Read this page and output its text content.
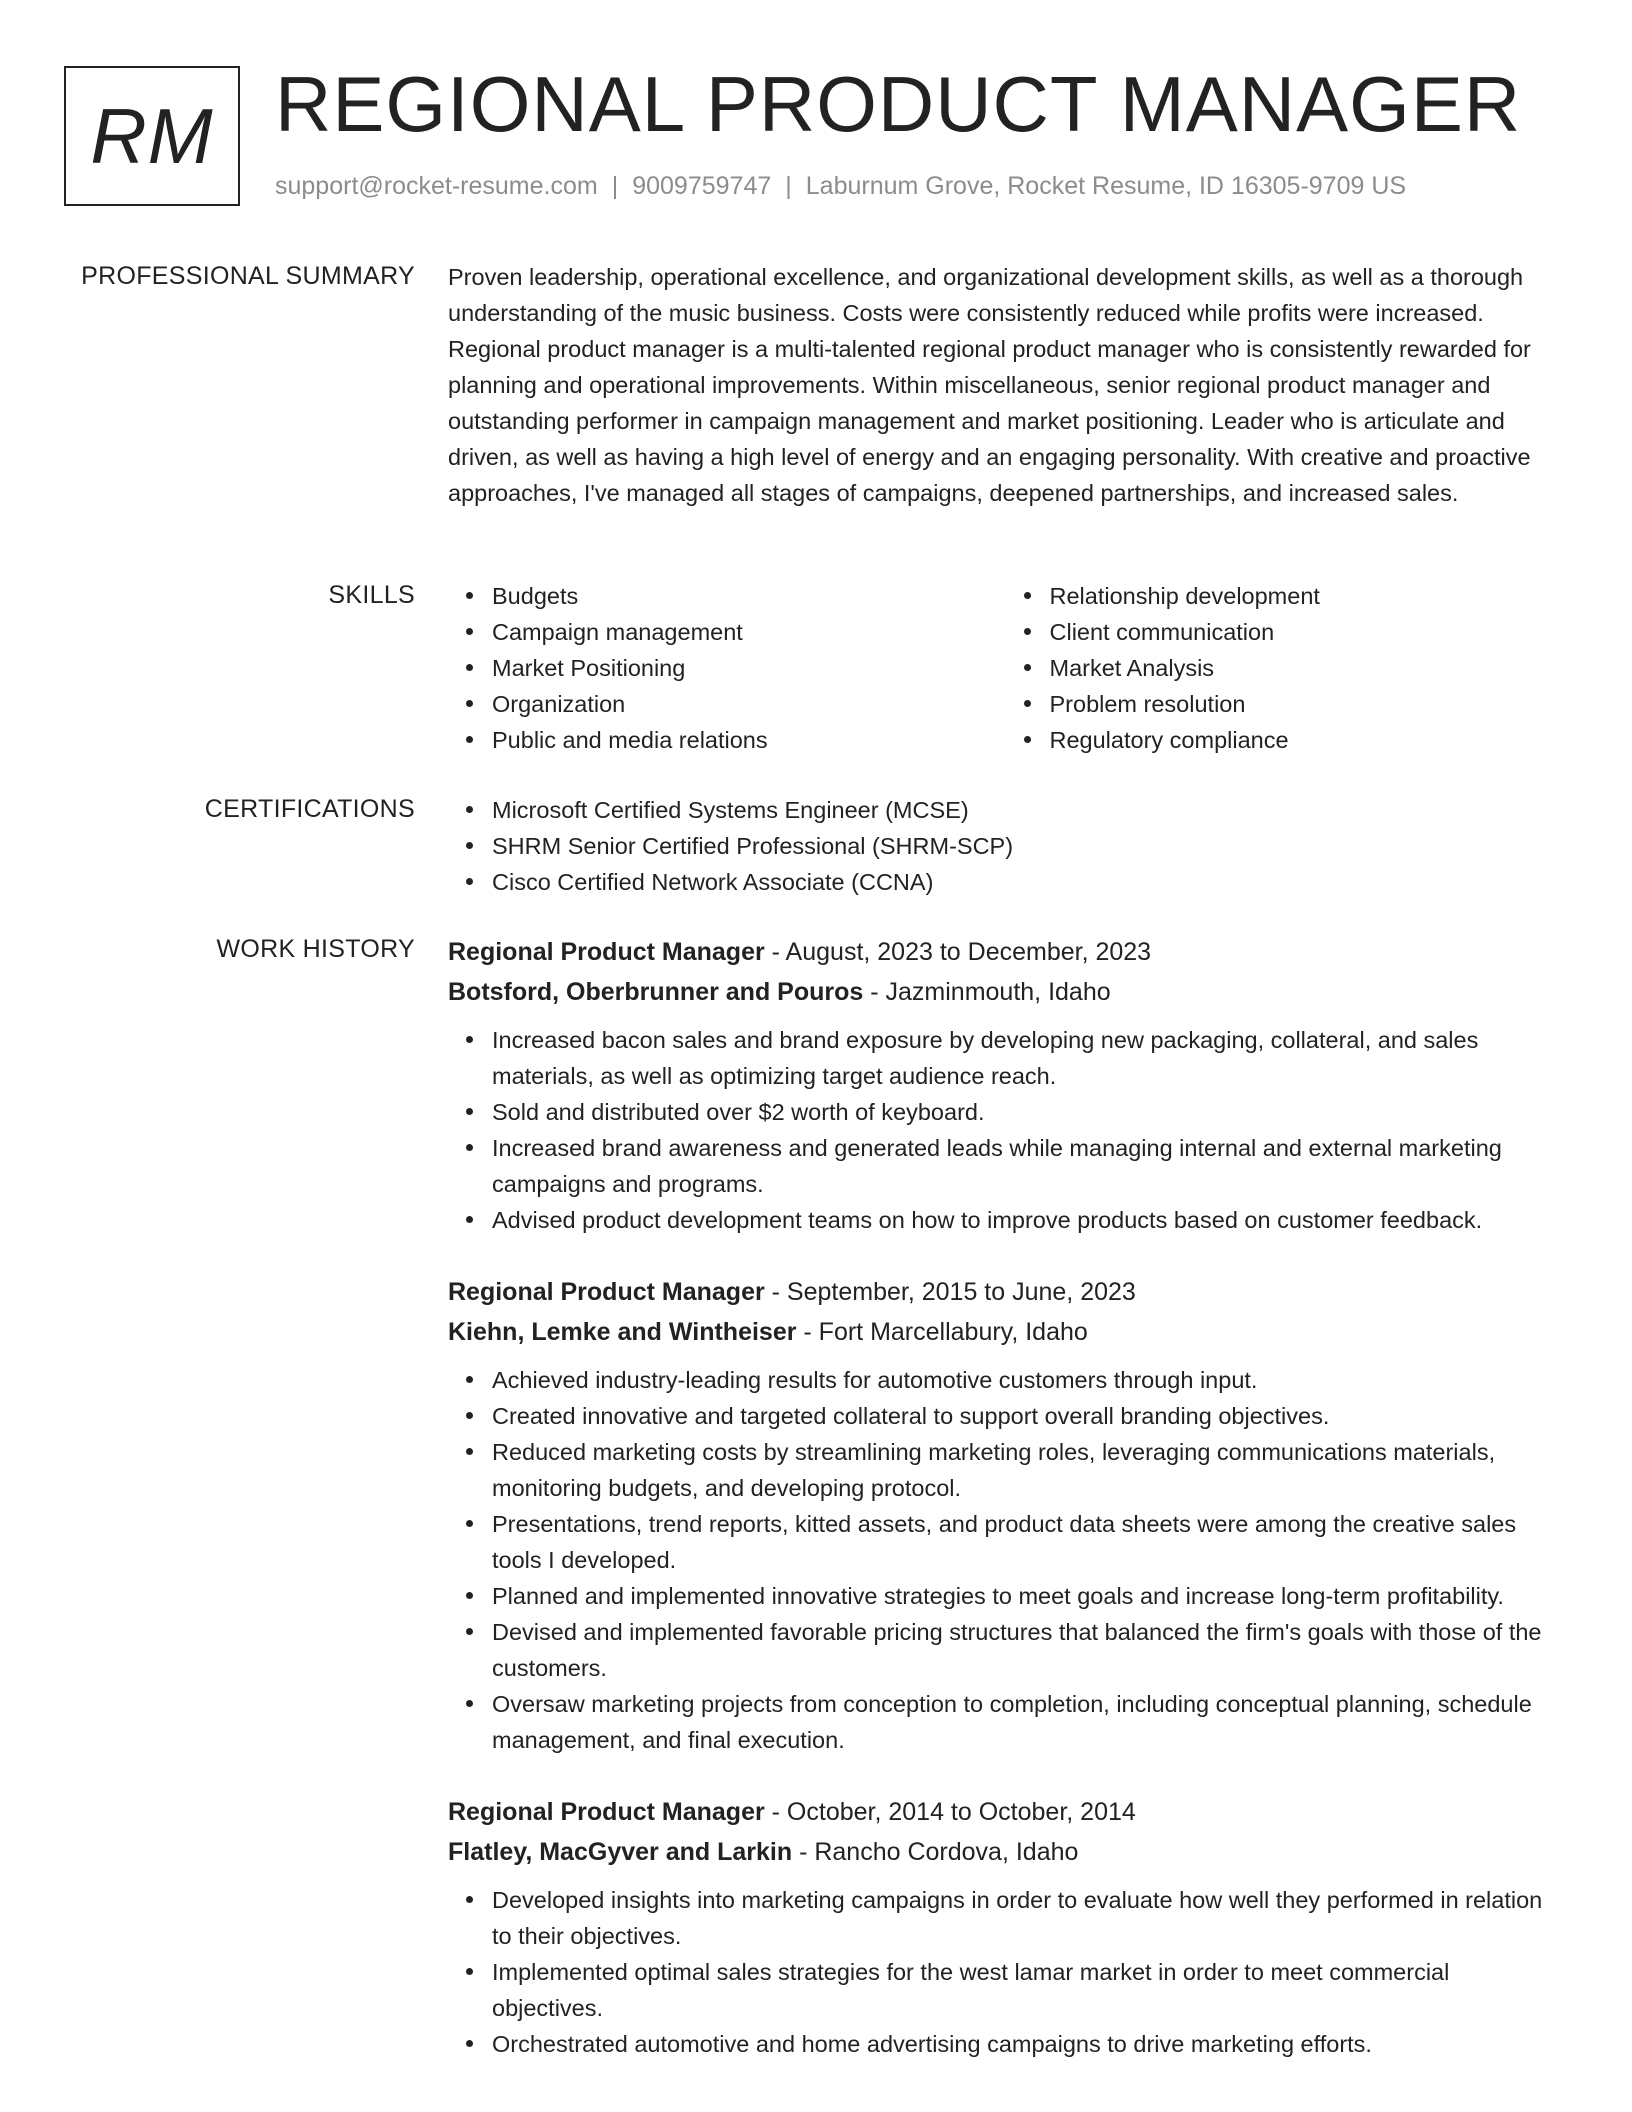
RM REGIONAL PRODUCT MANAGER
support@rocket-resume.com | 9009759747 | Laburnum Grove, Rocket Resume, ID 16305-9709 US
PROFESSIONAL SUMMARY Proven leadership, operational excellence, and organizational development skills, as well as a thorough understanding of the music business. Costs were consistently reduced while profits were increased. Regional product manager is a multi-talented regional product manager who is consistently rewarded for planning and operational improvements. Within miscellaneous, senior regional product manager and outstanding performer in campaign management and market positioning. Leader who is articulate and driven, as well as having a high level of energy and an engaging personality. With creative and proactive approaches, I've managed all stages of campaigns, deepened partnerships, and increased sales.

SKILLS	Budgets
Campaign management
Market Positioning
Organization
Public and media relations
Relationship development
Client communication
Market Analysis
Problem resolution
Regulatory compliance
CERTIFICATIONS	Microsoft Certified Systems Engineer (MCSE)
SHRM Senior Certified Professional (SHRM-SCP)
Cisco Certified Network Associate (CCNA)
WORK HISTORY Regional Product Manager - August, 2023 to December, 2023
Botsford, Oberbrunner and Pouros - Jazminmouth, Idaho
Increased bacon sales and brand exposure by developing new packaging, collateral, and sales materials, as well as optimizing target audience reach.
Sold and distributed over $2 worth of keyboard.
Increased brand awareness and generated leads while managing internal and external marketing campaigns and programs.
Advised product development teams on how to improve products based on customer feedback.
Regional Product Manager - September, 2015 to June, 2023
Kiehn, Lemke and Wintheiser - Fort Marcellabury, Idaho
Achieved industry-leading results for automotive customers through input.
Created innovative and targeted collateral to support overall branding objectives.
Reduced marketing costs by streamlining marketing roles, leveraging communications materials, monitoring budgets, and developing protocol.
Presentations, trend reports, kitted assets, and product data sheets were among the creative sales tools I developed.
Planned and implemented innovative strategies to meet goals and increase long-term profitability.
Devised and implemented favorable pricing structures that balanced the firm's goals with those of the customers.
Oversaw marketing projects from conception to completion, including conceptual planning, schedule management, and final execution.
Regional Product Manager - October, 2014 to October, 2014
Flatley, MacGyver and Larkin - Rancho Cordova, Idaho
Developed insights into marketing campaigns in order to evaluate how well they performed in relation to their objectives.
Implemented optimal sales strategies for the west lamar market in order to meet commercial objectives.
Orchestrated automotive and home advertising campaigns to drive marketing efforts.
